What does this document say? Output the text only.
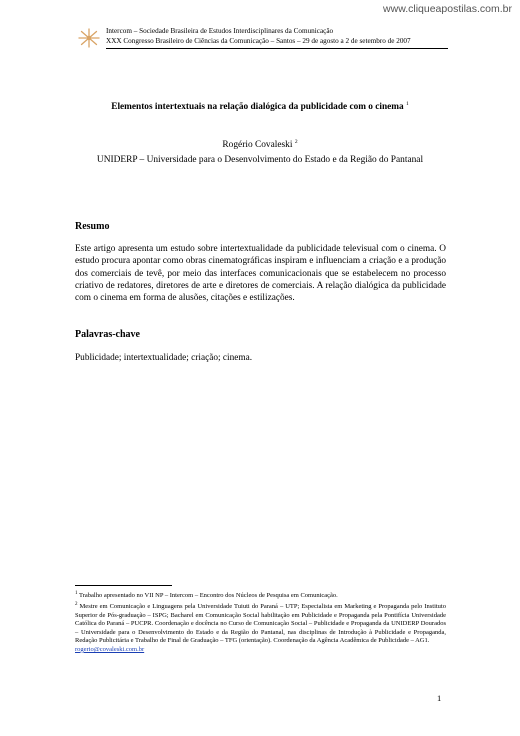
www.cliqueapostilas.com.br
Intercom – Sociedade Brasileira de Estudos Interdisciplinares da Comunicação
XXX Congresso Brasileiro de Ciências da Comunicação – Santos – 29 de agosto a 2 de setembro de 2007
Elementos intertextuais na relação dialógica da publicidade com o cinema $^1$
Rogério Covaleski $^2$
UNIDERP – Universidade para o Desenvolvimento do Estado e da Região do Pantanal
Resumo
Este artigo apresenta um estudo sobre intertextualidade da publicidade televisual com o cinema. O estudo procura apontar como obras cinematográficas inspiram e influenciam a criação e a produção dos comerciais de tevê, por meio das interfaces comunicacionais que se estabelecem no processo criativo de redatores, diretores de arte e diretores de comerciais. A relação dialógica da publicidade com o cinema em forma de alusões, citações e estilizações.
Palavras-chave
Publicidade; intertextualidade; criação; cinema.

$^1$ Trabalho apresentado no VII NP – Intercom – Encontro dos Núcleos de Pesquisa em Comunicação.

$^2$ Mestre em Comunicação e Linguagens pela Universidade Tuiuti do Paraná – UTP; Especialista em Marketing e Propaganda pelo Instituto Superior de Pós-graduação – ISPG; Bacharel em Comunicação Social habilitação em Publicidade e Propaganda pela Pontifícia Universidade Católica do Paraná – PUCPR. Coordenação e docência no Curso de Comunicação Social – Publicidade e Propaganda da UNIDERP Dourados – Universidade para o Desenvolvimento do Estado e da Região do Pantanal, nas disciplinas de Introdução à Publicidade e Propaganda, Redação Publicitária e Trabalho de Final de Graduação – TFG (orientação). Coordenação da Agência Acadêmica de Publicidade – AG1.

rogerio@covaleski.com.br

1
